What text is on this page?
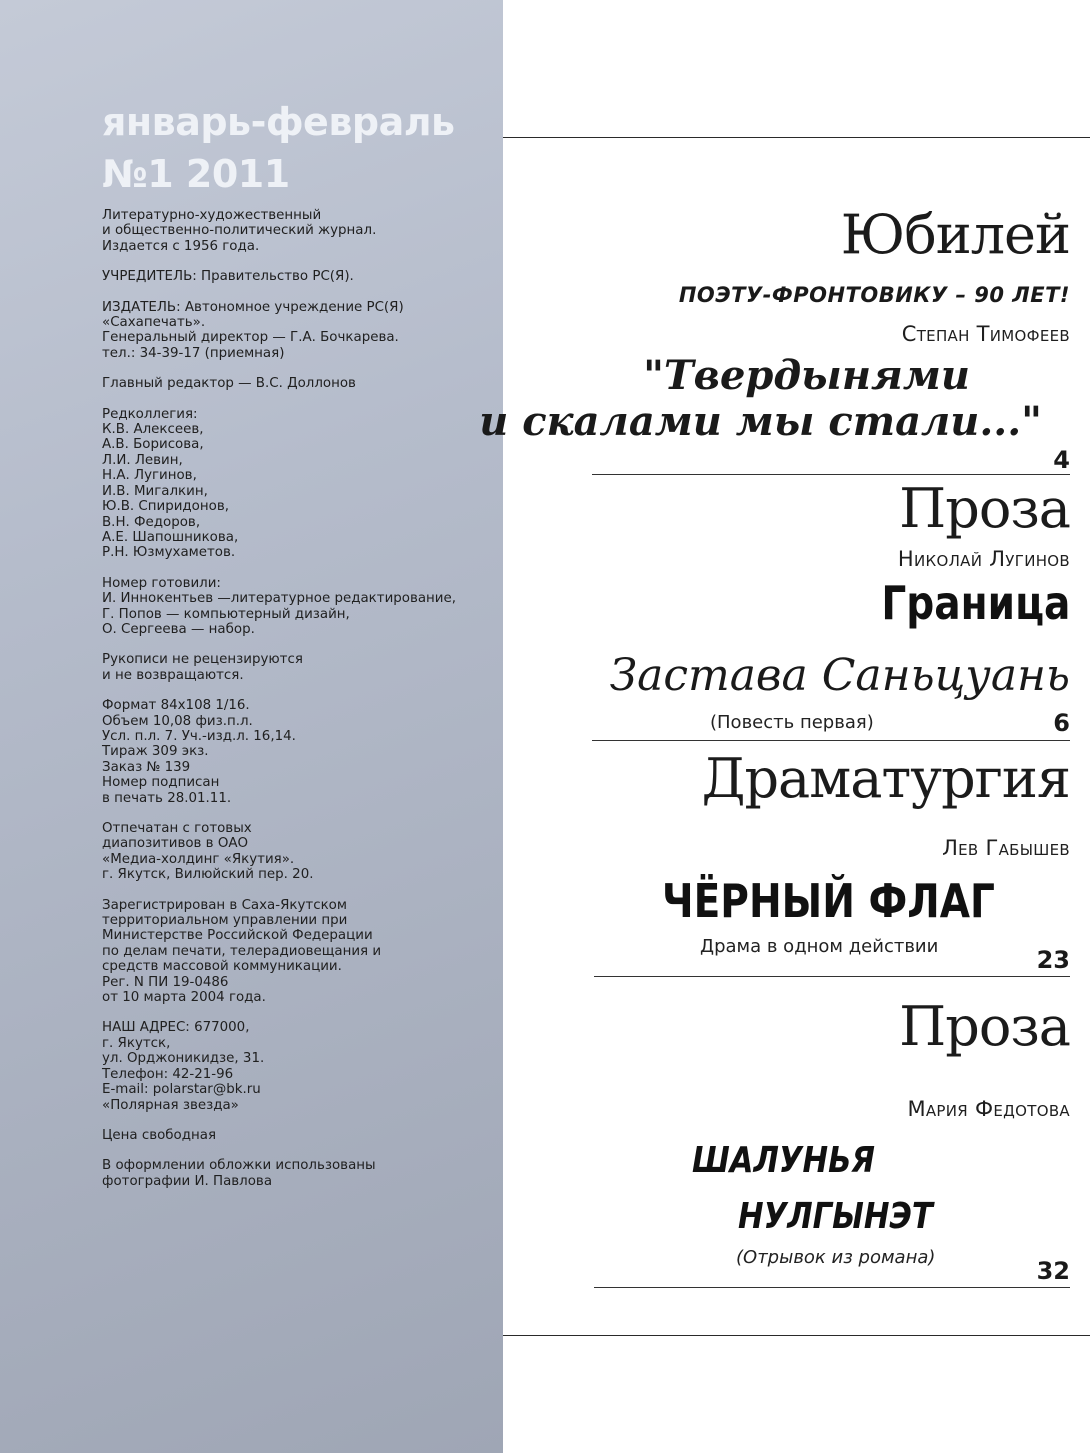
январь-февраль
№1 2011
Литературно-художественный
и общественно-политический журнал.
Издается с 1956 года.
УЧРЕДИТЕЛЬ: Правительство РС(Я).
ИЗДАТЕЛЬ: Автономное учреждение РС(Я)
«Сахапечать».
Генеральный директор — Г.А. Бочкарева.
тел.: 34-39-17 (приемная)
Главный редактор — В.С. Доллонов
Редколлегия:
К.В. Алексеев,
А.В. Борисова,
Л.И. Левин,
Н.А. Лугинов,
И.В. Мигалкин,
Ю.В. Спиридонов,
В.Н. Федоров,
А.Е. Шапошникова,
Р.Н. Юзмухаметов.
Номер готовили:
И. Иннокентьев —литературное редактирование,
Г. Попов — компьютерный дизайн,
О. Сергеева — набор.
Рукописи не рецензируются
и не возвращаются.
Формат 84х108 1/16.
Объем 10,08 физ.п.л.
Усл. п.л. 7. Уч.-изд.л. 16,14.
Тираж 309 экз.
Заказ № 139
Номер подписан
в печать 28.01.11.
Отпечатан с готовых
диапозитивов в ОАО
«Медиа-холдинг «Якутия».
г. Якутск, Вилюйский пер. 20.
Зарегистрирован в Саха-Якутском
территориальном управлении при
Министерстве Российской Федерации
по делам печати, телерадиовещания и
средств массовой коммуникации.
Рег. N ПИ 19-0486
от 10 марта 2004 года.
НАШ АДРЕС: 677000,
г. Якутск,
ул. Орджоникидзе, 31.
Телефон: 42-21-96
E-mail: polarstar@bk.ru
«Полярная звезда»
Цена свободная
В оформлении обложки использованы
фотографии И. Павлова
Юбилей
ПОЭТУ-ФРОНТОВИКУ – 90 ЛЕТ!
Степан Тимофеев
"Твердынями
и скалами мы стали..."
4
Проза
Николай Лугинов
Граница
Застава Саньцуань
(Повесть первая)	6
Драматургия
Лев Габышев
ЧЁРНЫЙ ФЛАГ
Драма в одном действии	23
Проза
Мария Федотова
ШАЛУНЬЯ
НУЛГЫНЭТ
(Отрывок из романа)	32
